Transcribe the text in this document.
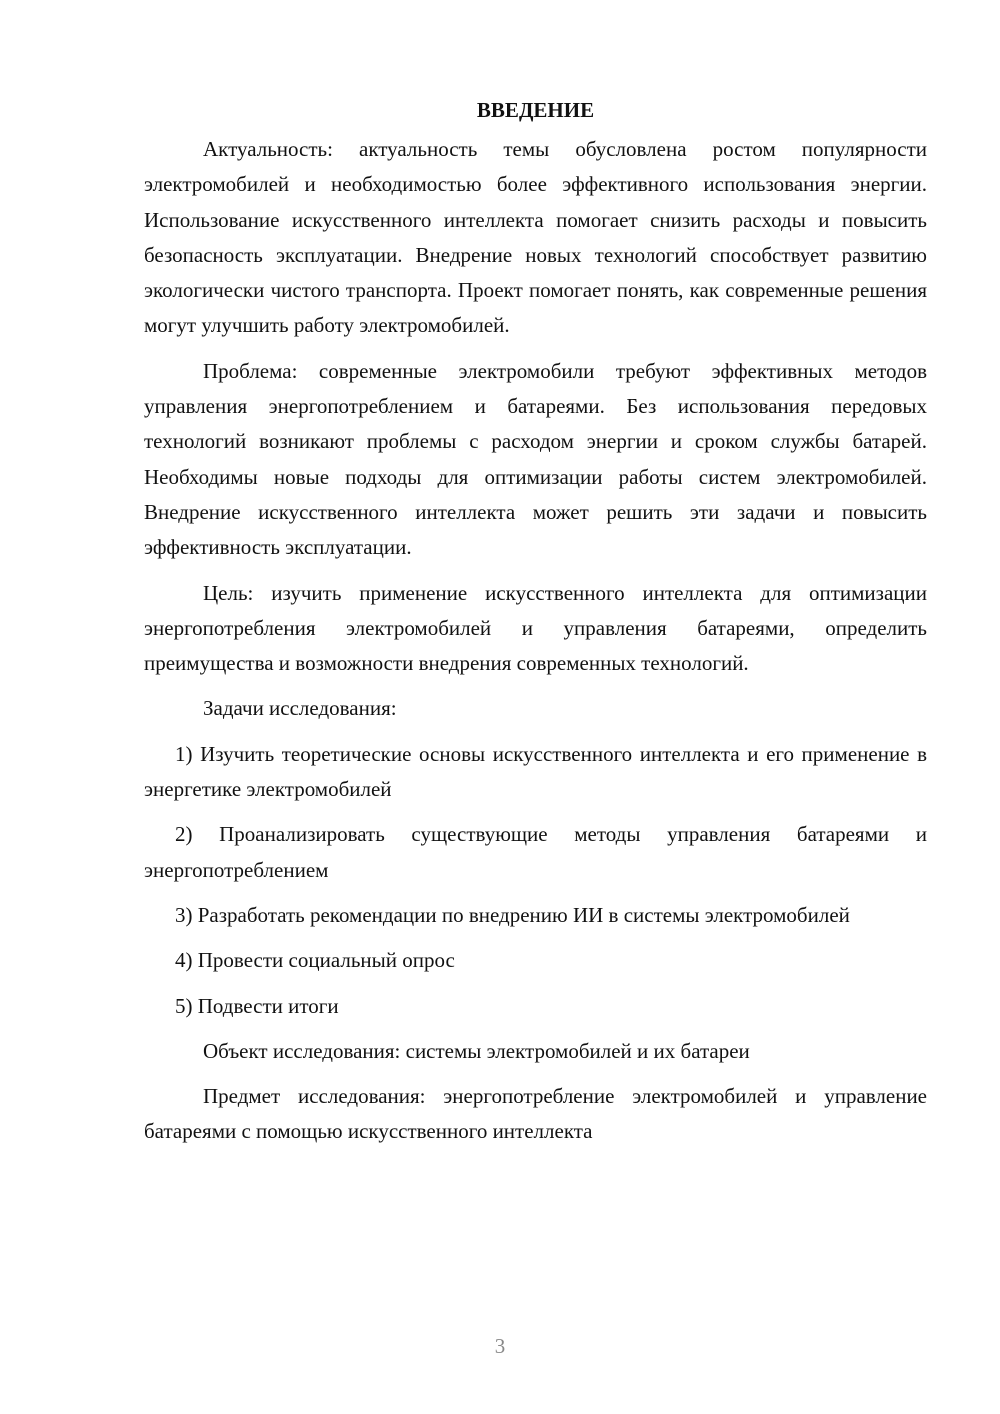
ВВЕДЕНИЕ

Актуальность: актуальность темы обусловлена ростом популярности электромобилей и необходимостью более эффективного использования энергии. Использование искусственного интеллекта помогает снизить расходы и повысить безопасность эксплуатации. Внедрение новых технологий способствует развитию экологически чистого транспорта. Проект помогает понять, как современные решения могут улучшить работу электромобилей.

Проблема: современные электромобили требуют эффективных методов управления энергопотреблением и батареями. Без использования передовых технологий возникают проблемы с расходом энергии и сроком службы батарей. Необходимы новые подходы для оптимизации работы систем электромобилей. Внедрение искусственного интеллекта может решить эти задачи и повысить эффективность эксплуатации.

Цель: изучить применение искусственного интеллекта для оптимизации энергопотребления электромобилей и управления батареями, определить преимущества и возможности внедрения современных технологий.

Задачи исследования:

1) Изучить теоретические основы искусственного интеллекта и его применение в энергетике электромобилей

2) Проанализировать существующие методы управления батареями и энергопотреблением

3) Разработать рекомендации по внедрению ИИ в системы электромобилей

4) Провести социальный опрос

5) Подвести итоги

Объект исследования: системы электромобилей и их батареи

Предмет исследования: энергопотребление электромобилей и управление батареями с помощью искусственного интеллекта

3
